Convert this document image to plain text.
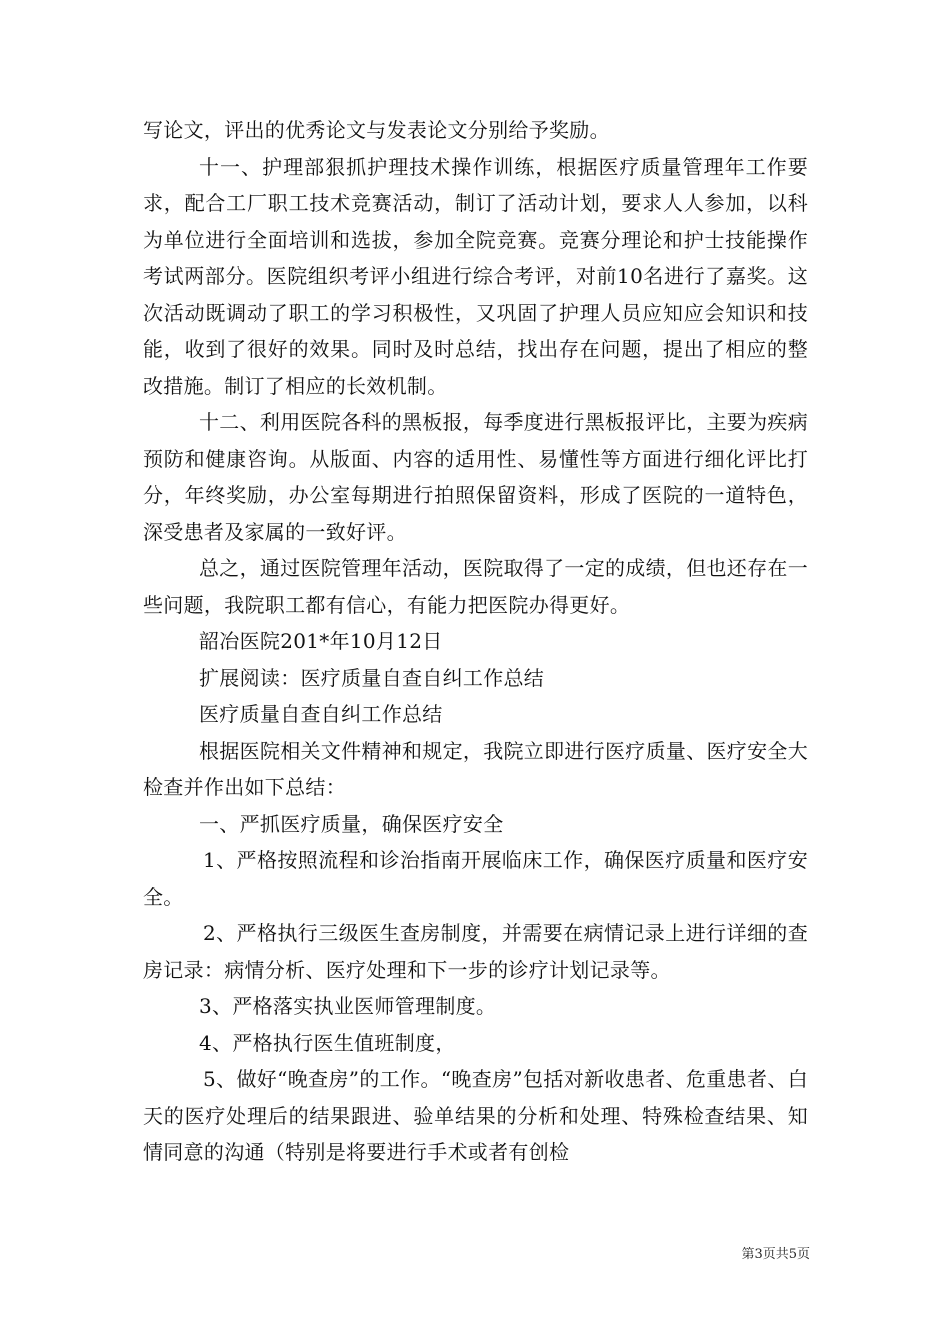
写论文，评出的优秀论文与发表论文分别给予奖励。

十一、护理部狠抓护理技术操作训练，根据医疗质量管理年工作要求，配合工厂职工技术竞赛活动，制订了活动计划，要求人人参加，以科为单位进行全面培训和选拔，参加全院竞赛。竞赛分理论和护士技能操作考试两部分。医院组织考评小组进行综合考评，对前10名进行了嘉奖。这次活动既调动了职工的学习积极性，又巩固了护理人员应知应会知识和技能，收到了很好的效果。同时及时总结，找出存在问题，提出了相应的整改措施。制订了相应的长效机制。

十二、利用医院各科的黑板报，每季度进行黑板报评比，主要为疾病预防和健康咨询。从版面、内容的适用性、易懂性等方面进行细化评比打分，年终奖励，办公室每期进行拍照保留资料，形成了医院的一道特色，深受患者及家属的一致好评。

总之，通过医院管理年活动，医院取得了一定的成绩，但也还存在一些问题，我院职工都有信心，有能力把医院办得更好。

韶冶医院201*年10月12日

扩展阅读：医疗质量自查自纠工作总结

医疗质量自查自纠工作总结

根据医院相关文件精神和规定，我院立即进行医疗质量、医疗安全大检查并作出如下总结：

一、严抓医疗质量，确保医疗安全

1、严格按照流程和诊治指南开展临床工作，确保医疗质量和医疗安全。

2、严格执行三级医生查房制度，并需要在病情记录上进行详细的查房记录：病情分析、医疗处理和下一步的诊疗计划记录等。

3、严格落实执业医师管理制度。

4、严格执行医生值班制度，

5、做好“晚查房”的工作。“晚查房”包括对新收患者、危重患者、白天的医疗处理后的结果跟进、验单结果的分析和处理、特殊检查结果、知情同意的沟通（特别是将要进行手术或者有创检

第3页共5页
